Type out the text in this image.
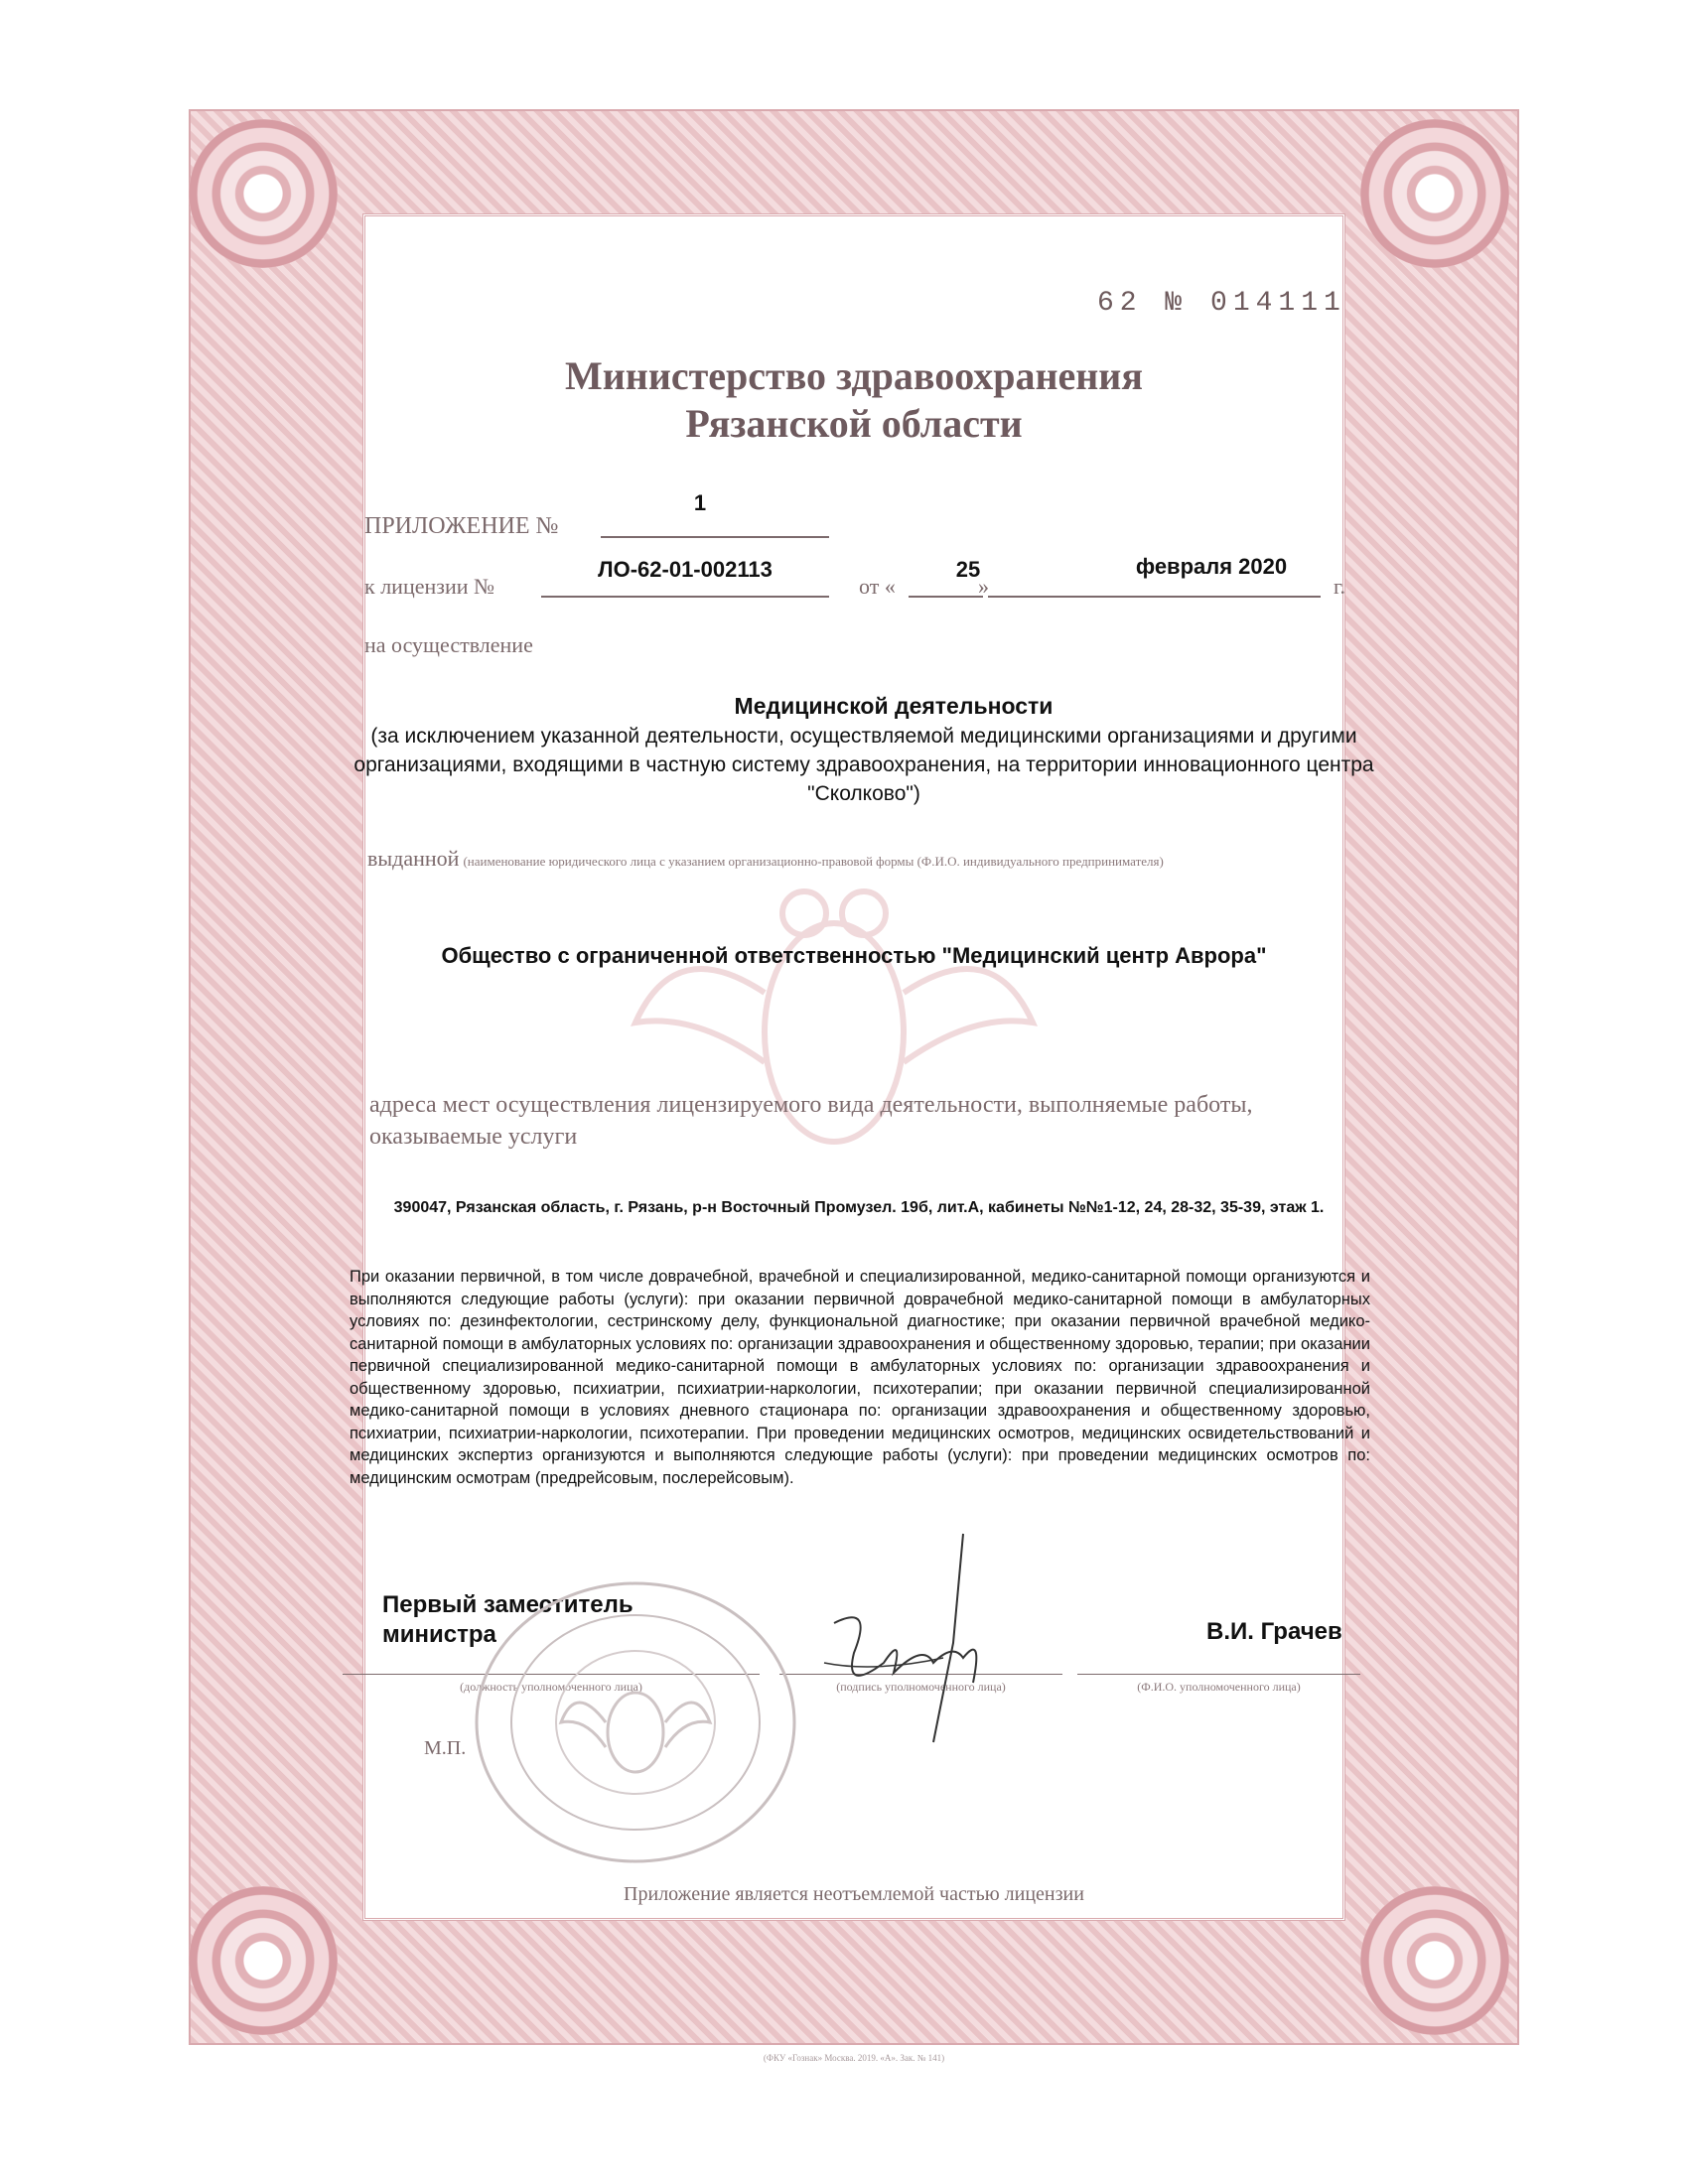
62 № 014111
Министерство здравоохранения
Рязанской области
ПРИЛОЖЕНИЕ №
1
к лицензии №
ЛО-62-01-002113
от «
25
»
февраля 2020
г.
на осуществление
Медицинской деятельности
(за исключением указанной деятельности, осуществляемой медицинскими организациями и другими организациями, входящими в частную систему здравоохранения, на территории инновационного центра "Сколково")
выданной (наименование юридического лица с указанием организационно-правовой формы (Ф.И.О. индивидуального предпринимателя)
Общество с ограниченной ответственностью "Медицинский центр Аврора"
адреса мест осуществления лицензируемого вида деятельности, выполняемые работы, оказываемые услуги
390047, Рязанская область, г. Рязань, р-н Восточный Промузел. 19б, лит.А, кабинеты №№1-12, 24, 28-32, 35-39, этаж 1.
При оказании первичной, в том числе доврачебной, врачебной и специализированной, медико-санитарной помощи организуются и выполняются следующие работы (услуги): при оказании первичной доврачебной медико-санитарной помощи в амбулаторных условиях по: дезинфектологии, сестринскому делу, функциональной диагностике; при оказании первичной врачебной медико-санитарной помощи в амбулаторных условиях по: организации здравоохранения и общественному здоровью, терапии; при оказании первичной специализированной медико-санитарной помощи в амбулаторных условиях по: организации здравоохранения и общественному здоровью, психиатрии, психиатрии-наркологии, психотерапии; при оказании первичной специализированной медико-санитарной помощи в условиях дневного стационара по: организации здравоохранения и общественному здоровью, психиатрии, психиатрии-наркологии, психотерапии. При проведении медицинских осмотров, медицинских освидетельствований и медицинских экспертиз организуются и выполняются следующие работы (услуги): при проведении медицинских осмотров по: медицинским осмотрам (предрейсовым, послерейсовым).
Первый заместитель
министра	В.И. Грачев
(должность уполномоченного лица)	(подпись уполномоченного лица)	(Ф.И.О. уполномоченного лица)
М.П.
Приложение является неотъемлемой частью лицензии
(ФКУ «Гознак» Москва. 2019. «А». Зак. № 141)
